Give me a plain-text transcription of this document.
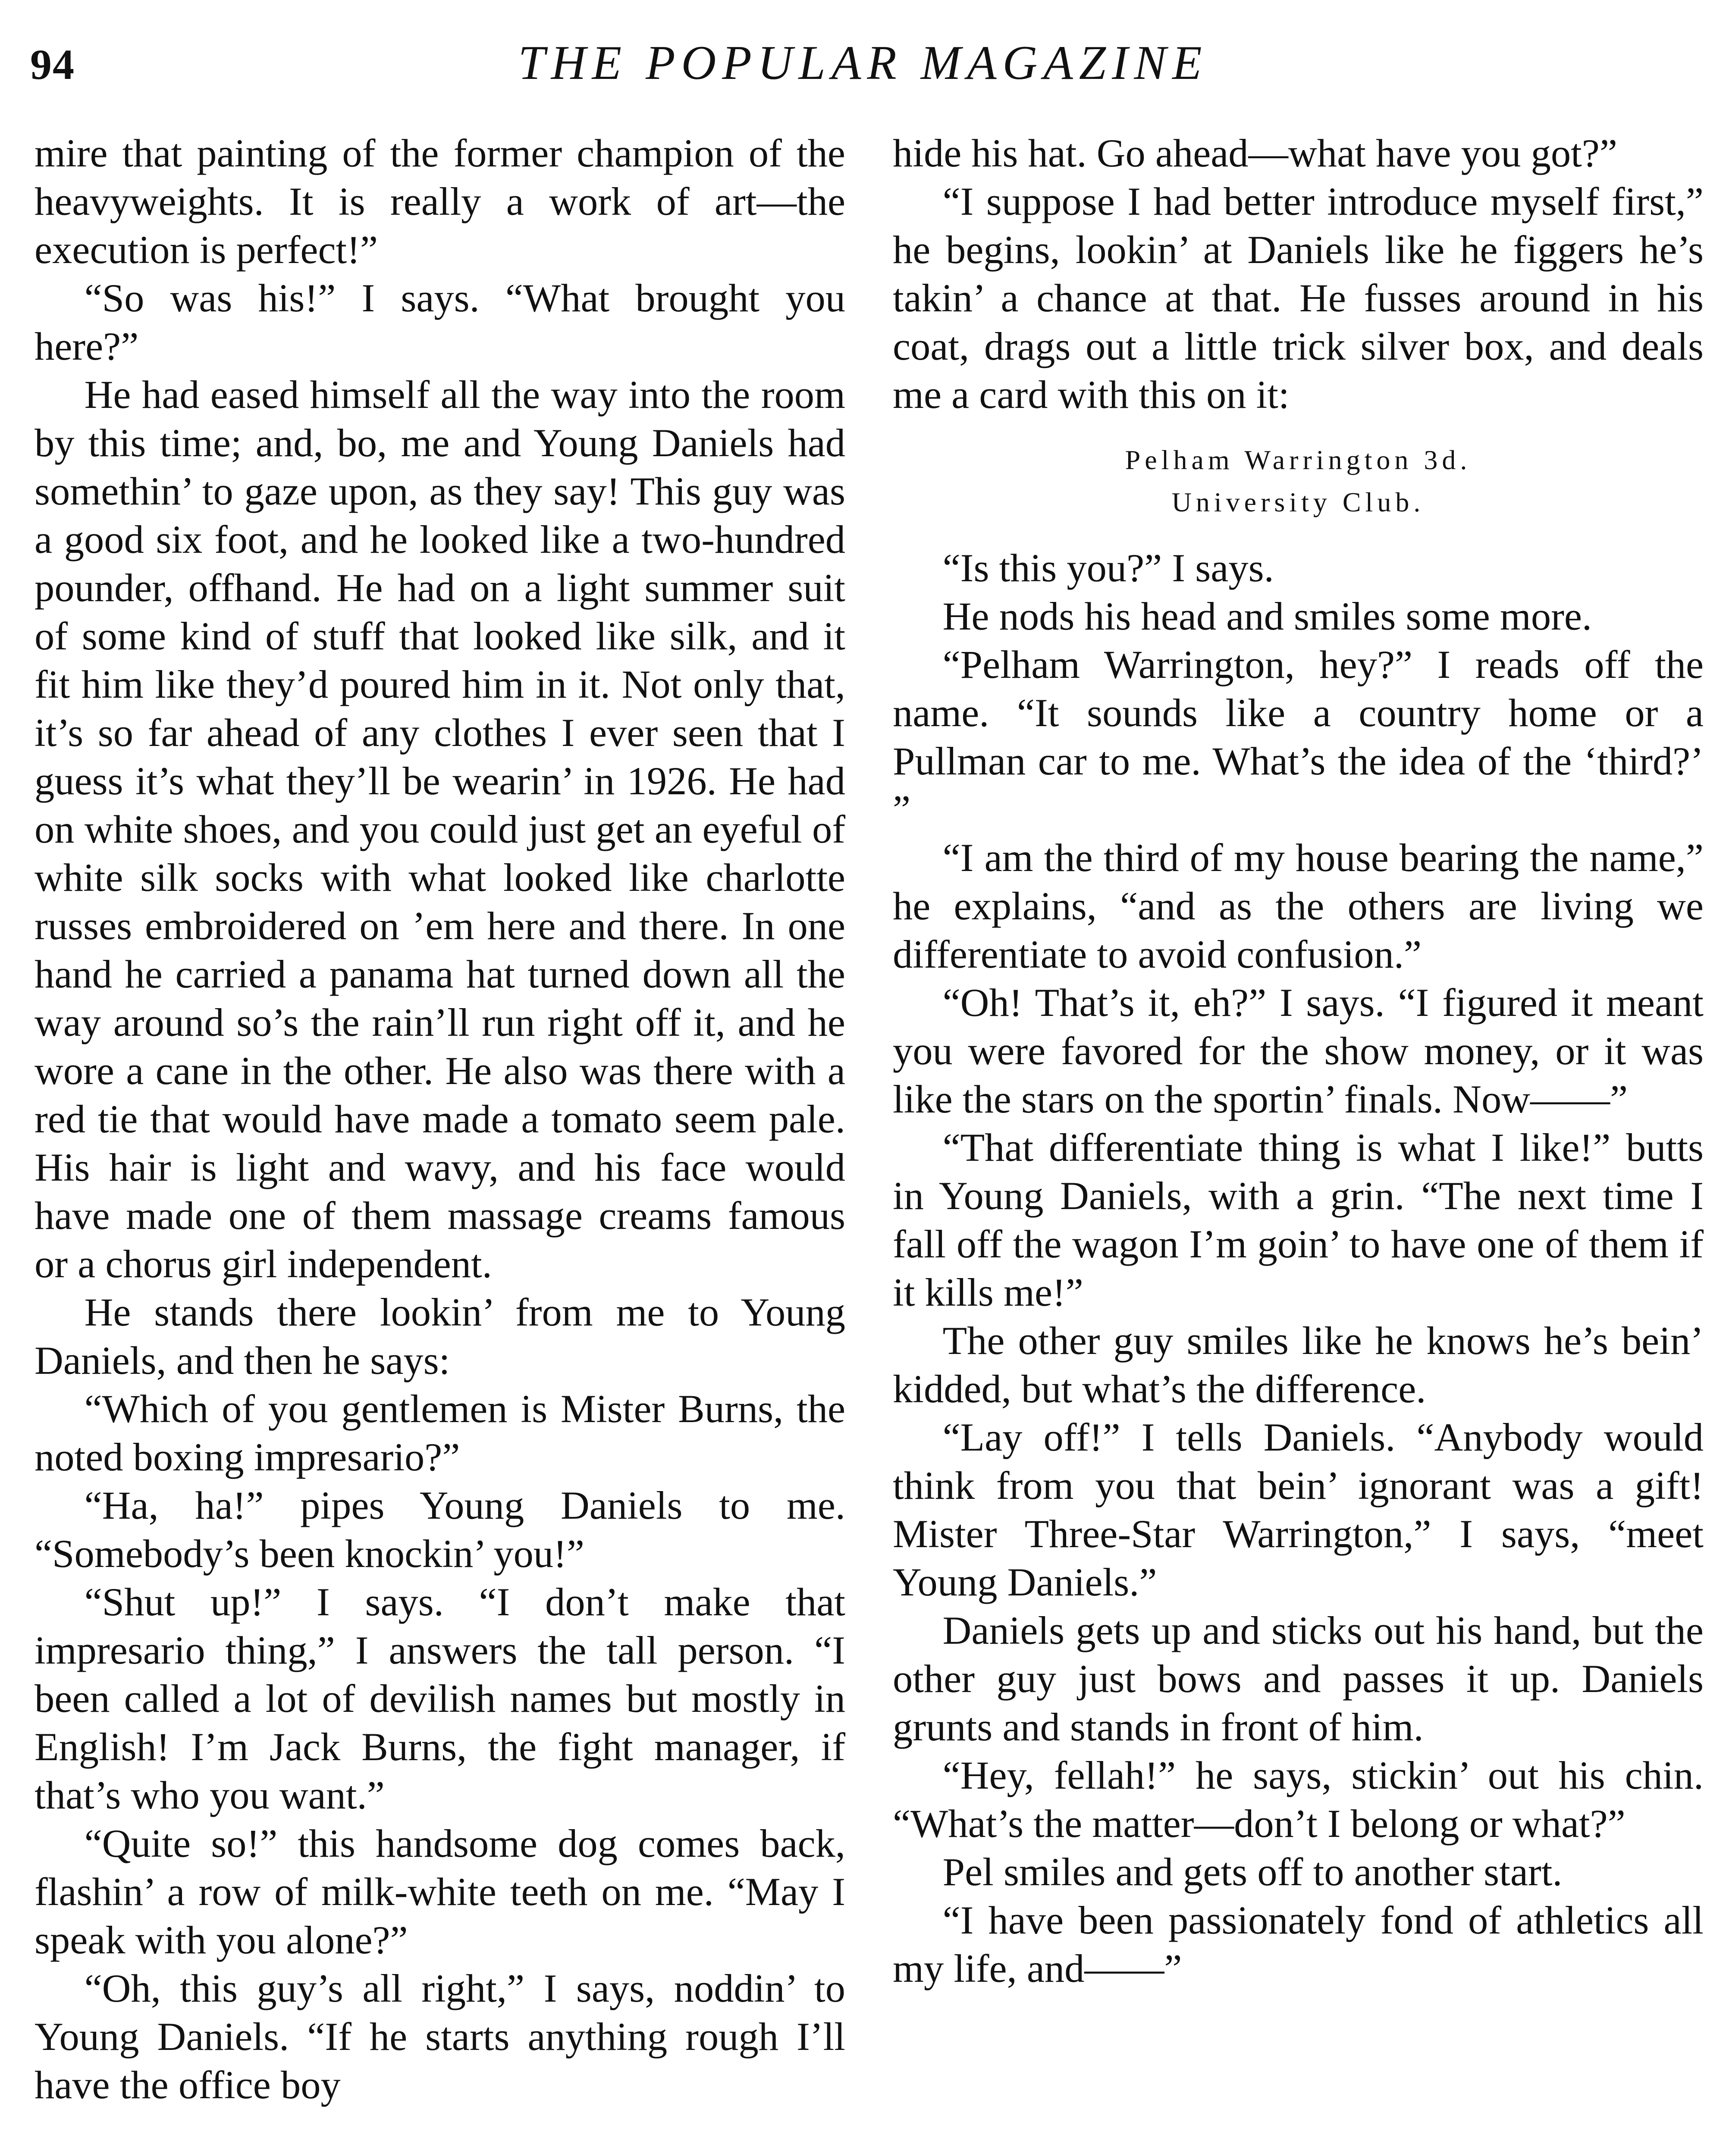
94	THE POPULAR MAGAZINE

mire that painting of the former champion of the heavyweights. It is really a work of art—the execution is perfect!”

“So was his!” I says. “What brought you here?”

He had eased himself all the way into the room by this time; and, bo, me and Young Daniels had somethin’ to gaze upon, as they say! This guy was a good six foot, and he looked like a two-hundred pounder, offhand. He had on a light summer suit of some kind of stuff that looked like silk, and it fit him like they’d poured him in it. Not only that, it’s so far ahead of any clothes I ever seen that I guess it’s what they’ll be wearin’ in 1926. He had on white shoes, and you could just get an eyeful of white silk socks with what looked like charlotte russes embroidered on ’em here and there. In one hand he carried a panama hat turned down all the way around so’s the rain’ll run right off it, and he wore a cane in the other. He also was there with a red tie that would have made a tomato seem pale. His hair is light and wavy, and his face would have made one of them massage creams famous or a chorus girl independent.

He stands there lookin’ from me to Young Daniels, and then he says:

“Which of you gentlemen is Mister Burns, the noted boxing impresario?”

“Ha, ha!” pipes Young Daniels to me. “Somebody’s been knockin’ you!”

“Shut up!” I says. “I don’t make that impresario thing,” I answers the tall person. “I been called a lot of devilish names but mostly in English! I’m Jack Burns, the fight manager, if that’s who you want.”

“Quite so!” this handsome dog comes back, flashin’ a row of milk-white teeth on me. “May I speak with you alone?”

“Oh, this guy’s all right,” I says, noddin’ to Young Daniels. “If he starts anything rough I’ll have the office boy

hide his hat. Go ahead—what have you got?”

“I suppose I had better introduce myself first,” he begins, lookin’ at Daniels like he figgers he’s takin’ a chance at that. He fusses around in his coat, drags out a little trick silver box, and deals me a card with this on it:

Pelham Warrington 3d.
University Club.

“Is this you?” I says.

He nods his head and smiles some more.

“Pelham Warrington, hey?” I reads off the name. “It sounds like a country home or a Pullman car to me. What’s the idea of the ‘third?’ ”

“I am the third of my house bearing the name,” he explains, “and as the others are living we differentiate to avoid confusion.”

“Oh! That’s it, eh?” I says. “I figured it meant you were favored for the show money, or it was like the stars on the sportin’ finals. Now——”

“That differentiate thing is what I like!” butts in Young Daniels, with a grin. “The next time I fall off the wagon I’m goin’ to have one of them if it kills me!”

The other guy smiles like he knows he’s bein’ kidded, but what’s the difference.

“Lay off!” I tells Daniels. “Anybody would think from you that bein’ ignorant was a gift! Mister Three-Star Warrington,” I says, “meet Young Daniels.”

Daniels gets up and sticks out his hand, but the other guy just bows and passes it up. Daniels grunts and stands in front of him.

“Hey, fellah!” he says, stickin’ out his chin. “What’s the matter—don’t I belong or what?”

Pel smiles and gets off to another start.

“I have been passionately fond of athletics all my life, and——”
